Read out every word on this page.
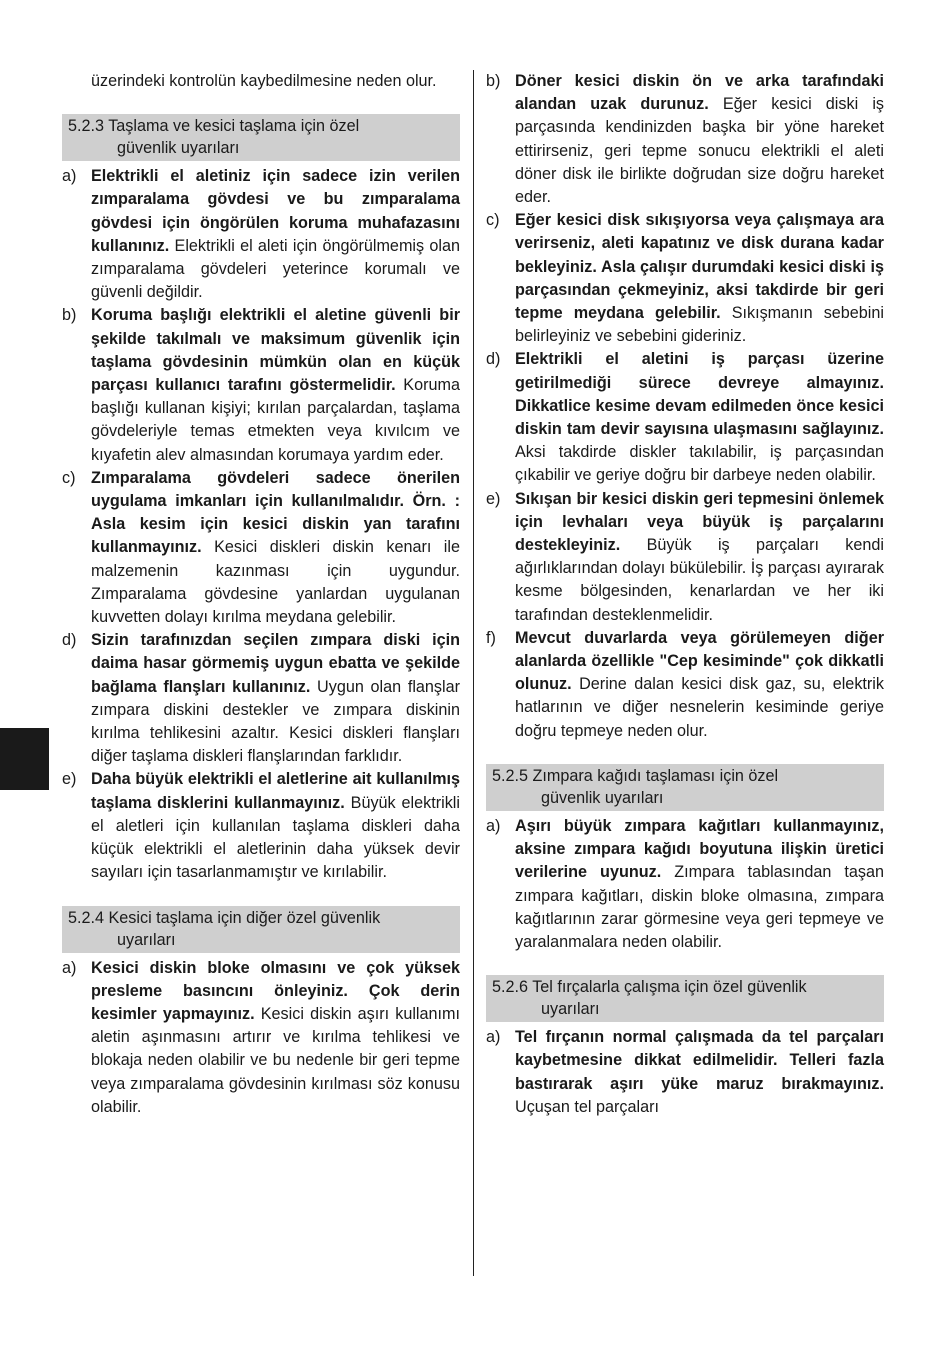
üzerindeki kontrolün kaybedilmesine neden olur.

5.2.3 Taşlama ve kesici taşlama için özel
güvenlik uyarıları

a) Elektrikli el aletiniz için sadece izin verilen zımparalama gövdesi ve bu zımparalama gövdesi için öngörülen koruma muhafazasını kullanınız. Elektrikli el aleti için öngörülmemiş olan zımparalama gövdeleri yeterince korumalı ve güvenli değildir.

b) Koruma başlığı elektrikli el aletine güvenli bir şekilde takılmalı ve maksimum güvenlik için taşlama gövdesinin mümkün olan en küçük parçası kullanıcı tarafını göstermelidir. Koruma başlığı kullanan kişiyi; kırılan parçalardan, taşlama gövdeleriyle temas etmekten veya kıvılcım ve kıyafetin alev almasından korumaya yardım eder.

c) Zımparalama gövdeleri sadece önerilen uygulama imkanları için kullanılmalıdır. Örn. : Asla kesim için kesici diskin yan tarafını kullanmayınız. Kesici diskleri diskin kenarı ile malzemenin kazınması için uygundur. Zımparalama gövdesine yanlardan uygulanan kuvvetten dolayı kırılma meydana gelebilir.

d) Sizin tarafınızdan seçilen zımpara diski için daima hasar görmemiş uygun ebatta ve şekilde bağlama flanşları kullanınız. Uygun olan flanşlar zımpara diskini destekler ve zımpara diskinin kırılma tehlikesini azaltır. Kesici diskleri flanşları diğer taşlama diskleri flanşlarından farklıdır.

e) Daha büyük elektrikli el aletlerine ait kullanılmış taşlama disklerini kullanmayınız. Büyük elektrikli el aletleri için kullanılan taşlama diskleri daha küçük elektrikli el aletlerinin daha yüksek devir sayıları için tasarlanmamıştır ve kırılabilir.

5.2.4 Kesici taşlama için diğer özel güvenlik
uyarıları

a) Kesici diskin bloke olmasını ve çok yüksek presleme basıncını önleyiniz. Çok derin kesimler yapmayınız. Kesici diskin aşırı kullanımı aletin aşınmasını artırır ve kırılma tehlikesi ve blokaja neden olabilir ve bu nedenle bir geri tepme veya zımparalama gövdesinin kırılması söz konusu olabilir.

b) Döner kesici diskin ön ve arka tarafındaki alandan uzak durunuz. Eğer kesici diski iş parçasında kendinizden başka bir yöne hareket ettirirseniz, geri tepme sonucu elektrikli el aleti döner disk ile birlikte doğrudan size doğru hareket eder.

c) Eğer kesici disk sıkışıyorsa veya çalışmaya ara verirseniz, aleti kapatınız ve disk durana kadar bekleyiniz. Asla çalışır durumdaki kesici diski iş parçasından çekmeyiniz, aksi takdirde bir geri tepme meydana gelebilir. Sıkışmanın sebebini belirleyiniz ve sebebini gideriniz.

d) Elektrikli el aletini iş parçası üzerine getirilmediği sürece devreye almayınız. Dikkatlice kesime devam edilmeden önce kesici diskin tam devir sayısına ulaşmasını sağlayınız. Aksi takdirde diskler takılabilir, iş parçasından çıkabilir ve geriye doğru bir darbeye neden olabilir.

e) Sıkışan bir kesici diskin geri tepmesini önlemek için levhaları veya büyük iş parçalarını destekleyiniz. Büyük iş parçaları kendi ağırlıklarından dolayı bükülebilir. İş parçası ayırarak kesme bölgesinden, kenarlardan ve her iki tarafından desteklenmelidir.

f) Mevcut duvarlarda veya görülemeyen diğer alanlarda özellikle "Cep kesiminde" çok dikkatli olunuz. Derine dalan kesici disk gaz, su, elektrik hatlarının ve diğer nesnelerin kesiminde geriye doğru tepmeye neden olur.

5.2.5 Zımpara kağıdı taşlaması için özel
güvenlik uyarıları

a) Aşırı büyük zımpara kağıtları kullanmayınız, aksine zımpara kağıdı boyutuna ilişkin üretici verilerine uyunuz. Zımpara tablasından taşan zımpara kağıtları, diskin bloke olmasına, zımpara kağıtlarının zarar görmesine veya geri tepmeye ve yaralanmalara neden olabilir.

5.2.6 Tel fırçalarla çalışma için özel güvenlik
uyarıları

a) Tel fırçanın normal çalışmada da tel parçaları kaybetmesine dikkat edilmelidir. Telleri fazla bastırarak aşırı yüke maruz bırakmayınız. Uçuşan tel parçaları
